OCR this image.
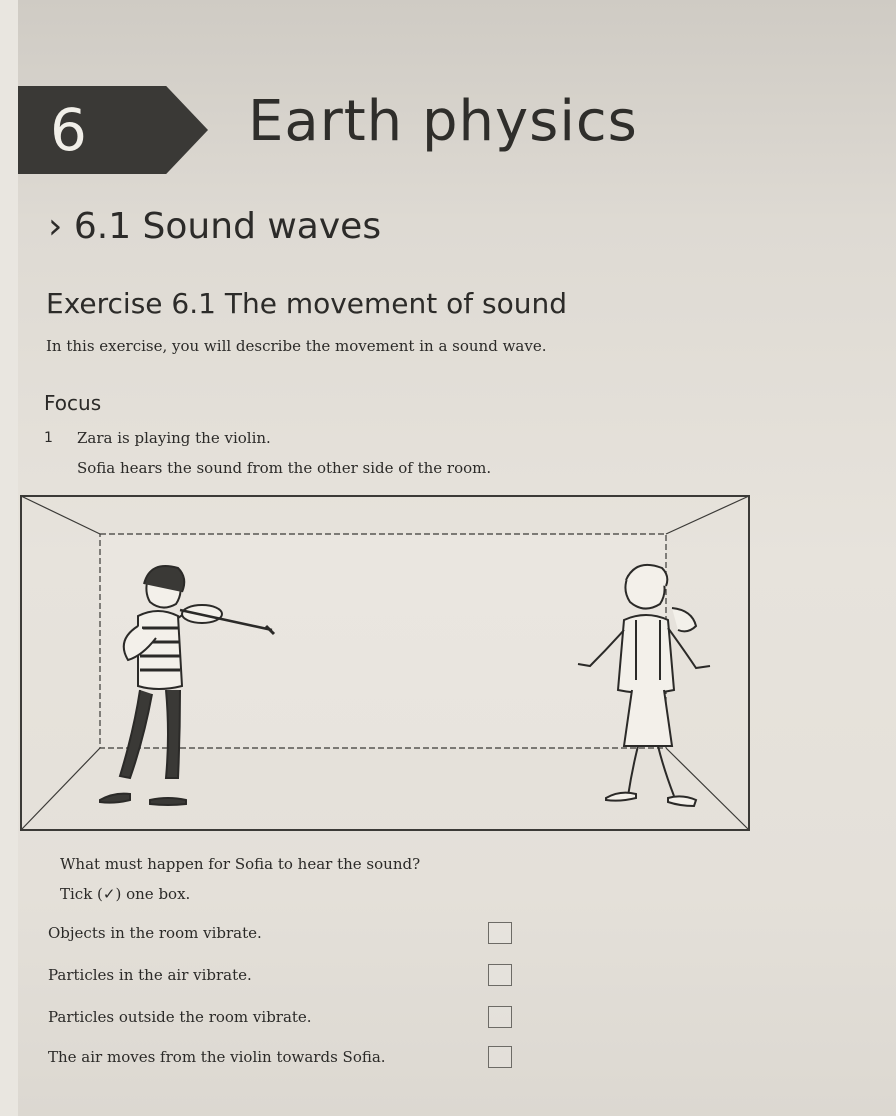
6	Earth physics
› 6.1 Sound waves
Exercise 6.1 The movement of sound
In this exercise, you will describe the movement in a sound wave.
Focus
1 Zara is playing the violin.
Sofia hears the sound from the other side of the room.
What must happen for Sofia to hear the sound?
Tick (✓) one box.
Objects in the room vibrate.
Particles in the air vibrate.
Particles outside the room vibrate.
The air moves from the violin towards Sofia.
